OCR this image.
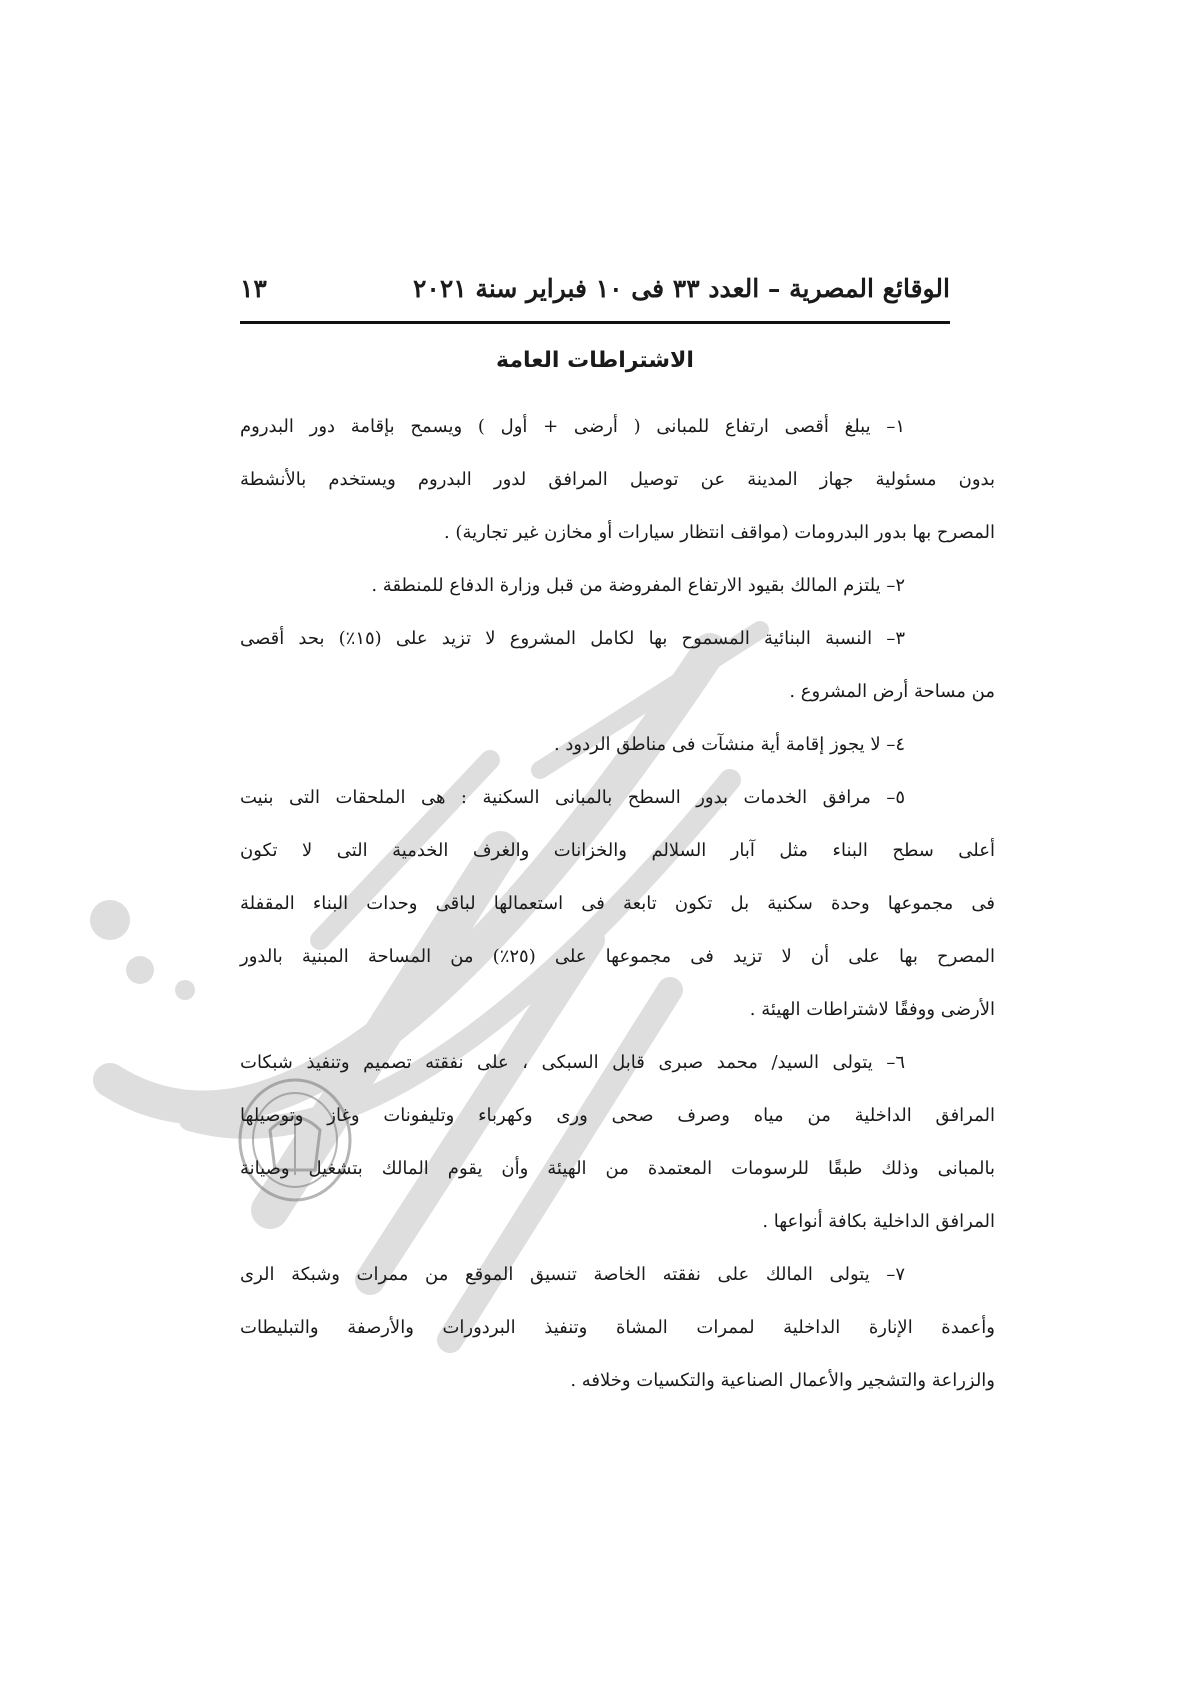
الوقائع المصرية – العدد ٣٣ فى ١٠ فبراير سنة ٢٠٢١
١٣
الاشتراطات العامة

١– يبلغ أقصى ارتفاع للمبانى ( أرضى + أول ) ويسمح بإقامة دور البدروم
بدون مسئولية جهاز المدينة عن توصيل المرافق لدور البدروم ويستخدم بالأنشطة
المصرح بها بدور البدرومات (مواقف انتظار سيارات أو مخازن غير تجارية) .

٢– يلتزم المالك بقيود الارتفاع المفروضة من قبل وزارة الدفاع للمنطقة .

٣– النسبة البنائية المسموح بها لكامل المشروع لا تزيد على (١٥٪) بحد أقصى
من مساحة أرض المشروع .

٤– لا يجوز إقامة أية منشآت فى مناطق الردود .

٥– مرافق الخدمات بدور السطح بالمبانى السكنية : هى الملحقات التى بنيت
أعلى سطح البناء مثل آبار السلالم والخزانات والغرف الخدمية التى لا تكون
فى مجموعها وحدة سكنية بل تكون تابعة فى استعمالها لباقى وحدات البناء المقفلة
المصرح بها على أن لا تزيد فى مجموعها على (٢٥٪) من المساحة المبنية بالدور
الأرضى ووفقًا لاشتراطات الهيئة .

٦– يتولى السيد/ محمد صبرى قابل السبكى ، على نفقته تصميم وتنفيذ شبكات
المرافق الداخلية من مياه وصرف صحى ورى وكهرباء وتليفونات وغاز وتوصيلها
بالمبانى وذلك طبقًا للرسومات المعتمدة من الهيئة وأن يقوم المالك بتشغيل وصيانة
المرافق الداخلية بكافة أنواعها .

٧– يتولى المالك على نفقته الخاصة تنسيق الموقع من ممرات وشبكة الرى
وأعمدة الإنارة الداخلية لممرات المشاة وتنفيذ البردورات والأرصفة والتبليطات
والزراعة والتشجير والأعمال الصناعية والتكسيات وخلافه .
